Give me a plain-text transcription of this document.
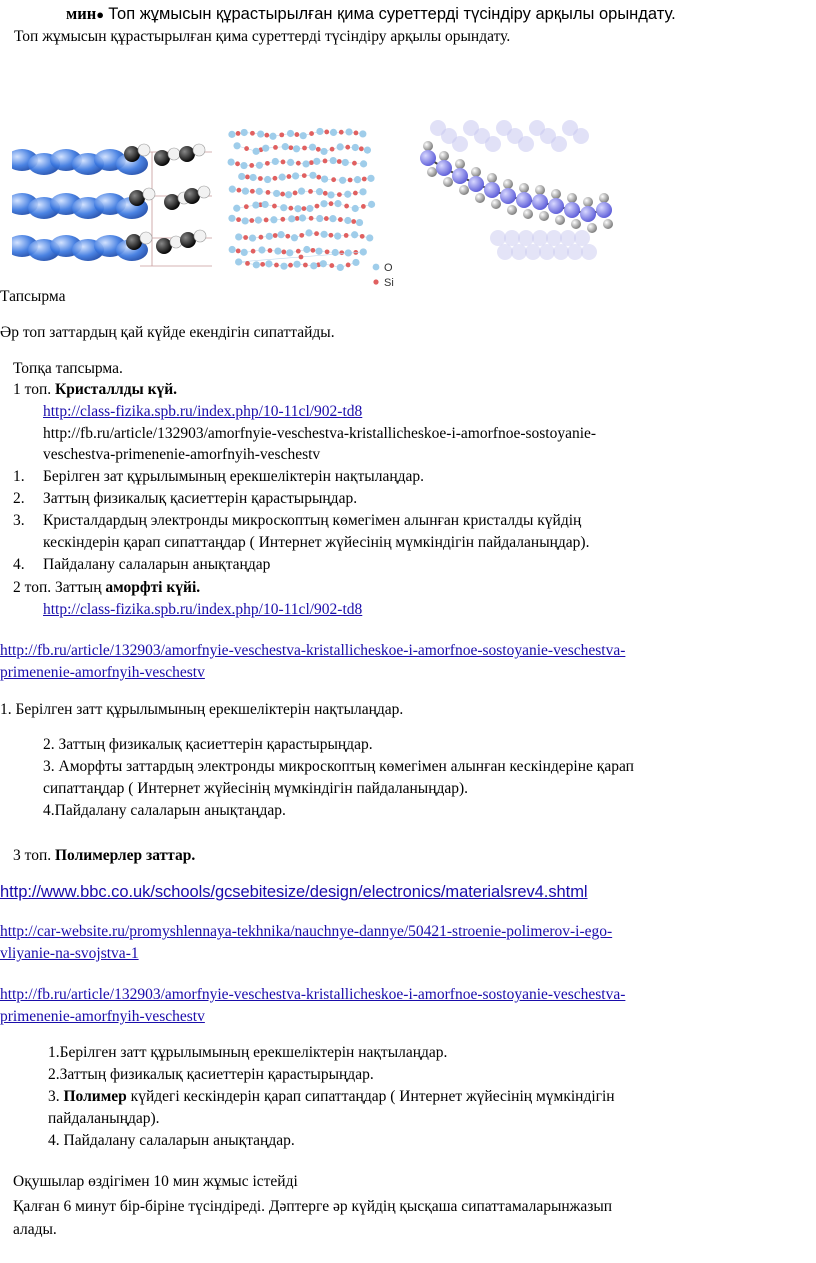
мин● Топ жұмысын құрастырылған қима суреттерді түсіндіру арқылы орындату.
Топ жұмысын құрастырылған қима суреттерді түсіндіру арқылы орындату.
O
Si
Тапсырма
Әр топ заттардың қай күйде екендігін сипаттайды.
Топқа тапсырма.
1 топ. Кристаллды күй.
http://class-fizika.spb.ru/index.php/10-11cl/902-td8
http://fb.ru/article/132903/amorfnyie-veschestva-kristallicheskoe-i-amorfnoe-sostoyanie-
veschestva-primenenie-amorfnyih-veschestv
1. Берілген зат құрылымының ерекшеліктерін нақтылаңдар.
2. Заттың физикалық қасиеттерін қарастырыңдар.
3. Кристалдардың электронды микроскоптың көмегімен алынған кристалды күйдің
кескіндерін қарап сипаттаңдар ( Интернет жүйесінің мүмкіндігін пайдаланыңдар).
4. Пайдалану салаларын анықтаңдар
2 топ. Заттың аморфті күйі.
http://class-fizika.spb.ru/index.php/10-11cl/902-td8
http://fb.ru/article/132903/amorfnyie-veschestva-kristallicheskoe-i-amorfnoe-sostoyanie-veschestva-
primenenie-amorfnyih-veschestv
1. Берілген затт құрылымының ерекшеліктерін нақтылаңдар.
2. Заттың физикалық қасиеттерін қарастырыңдар.
3. Аморфты заттардың электронды микроскоптың көмегімен алынған кескіндеріне қарап
сипаттаңдар ( Интернет жүйесінің мүмкіндігін пайдаланыңдар).
4.Пайдалану салаларын анықтаңдар.
3 топ. Полимерлер заттар.
http://www.bbc.co.uk/schools/gcsebitesize/design/electronics/materialsrev4.shtml
http://car-website.ru/promyshlennaya-tekhnika/nauchnye-dannye/50421-stroenie-polimerov-i-ego-
vliyanie-na-svojstva-1
http://fb.ru/article/132903/amorfnyie-veschestva-kristallicheskoe-i-amorfnoe-sostoyanie-veschestva-
primenenie-amorfnyih-veschestv
1.Берілген затт құрылымының ерекшеліктерін нақтылаңдар.
2.Заттың физикалық қасиеттерін қарастырыңдар.
3. Полимер күйдегі кескіндерін қарап сипаттаңдар ( Интернет жүйесінің мүмкіндігін
пайдаланыңдар).
4. Пайдалану салаларын анықтаңдар.
Оқушылар өздігімен 10 мин жұмыс істейді
Қалған 6 минут бір-біріне түсіндіреді. Дәптерге әр күйдің қысқаша сипаттамаларынжазып
алады.
